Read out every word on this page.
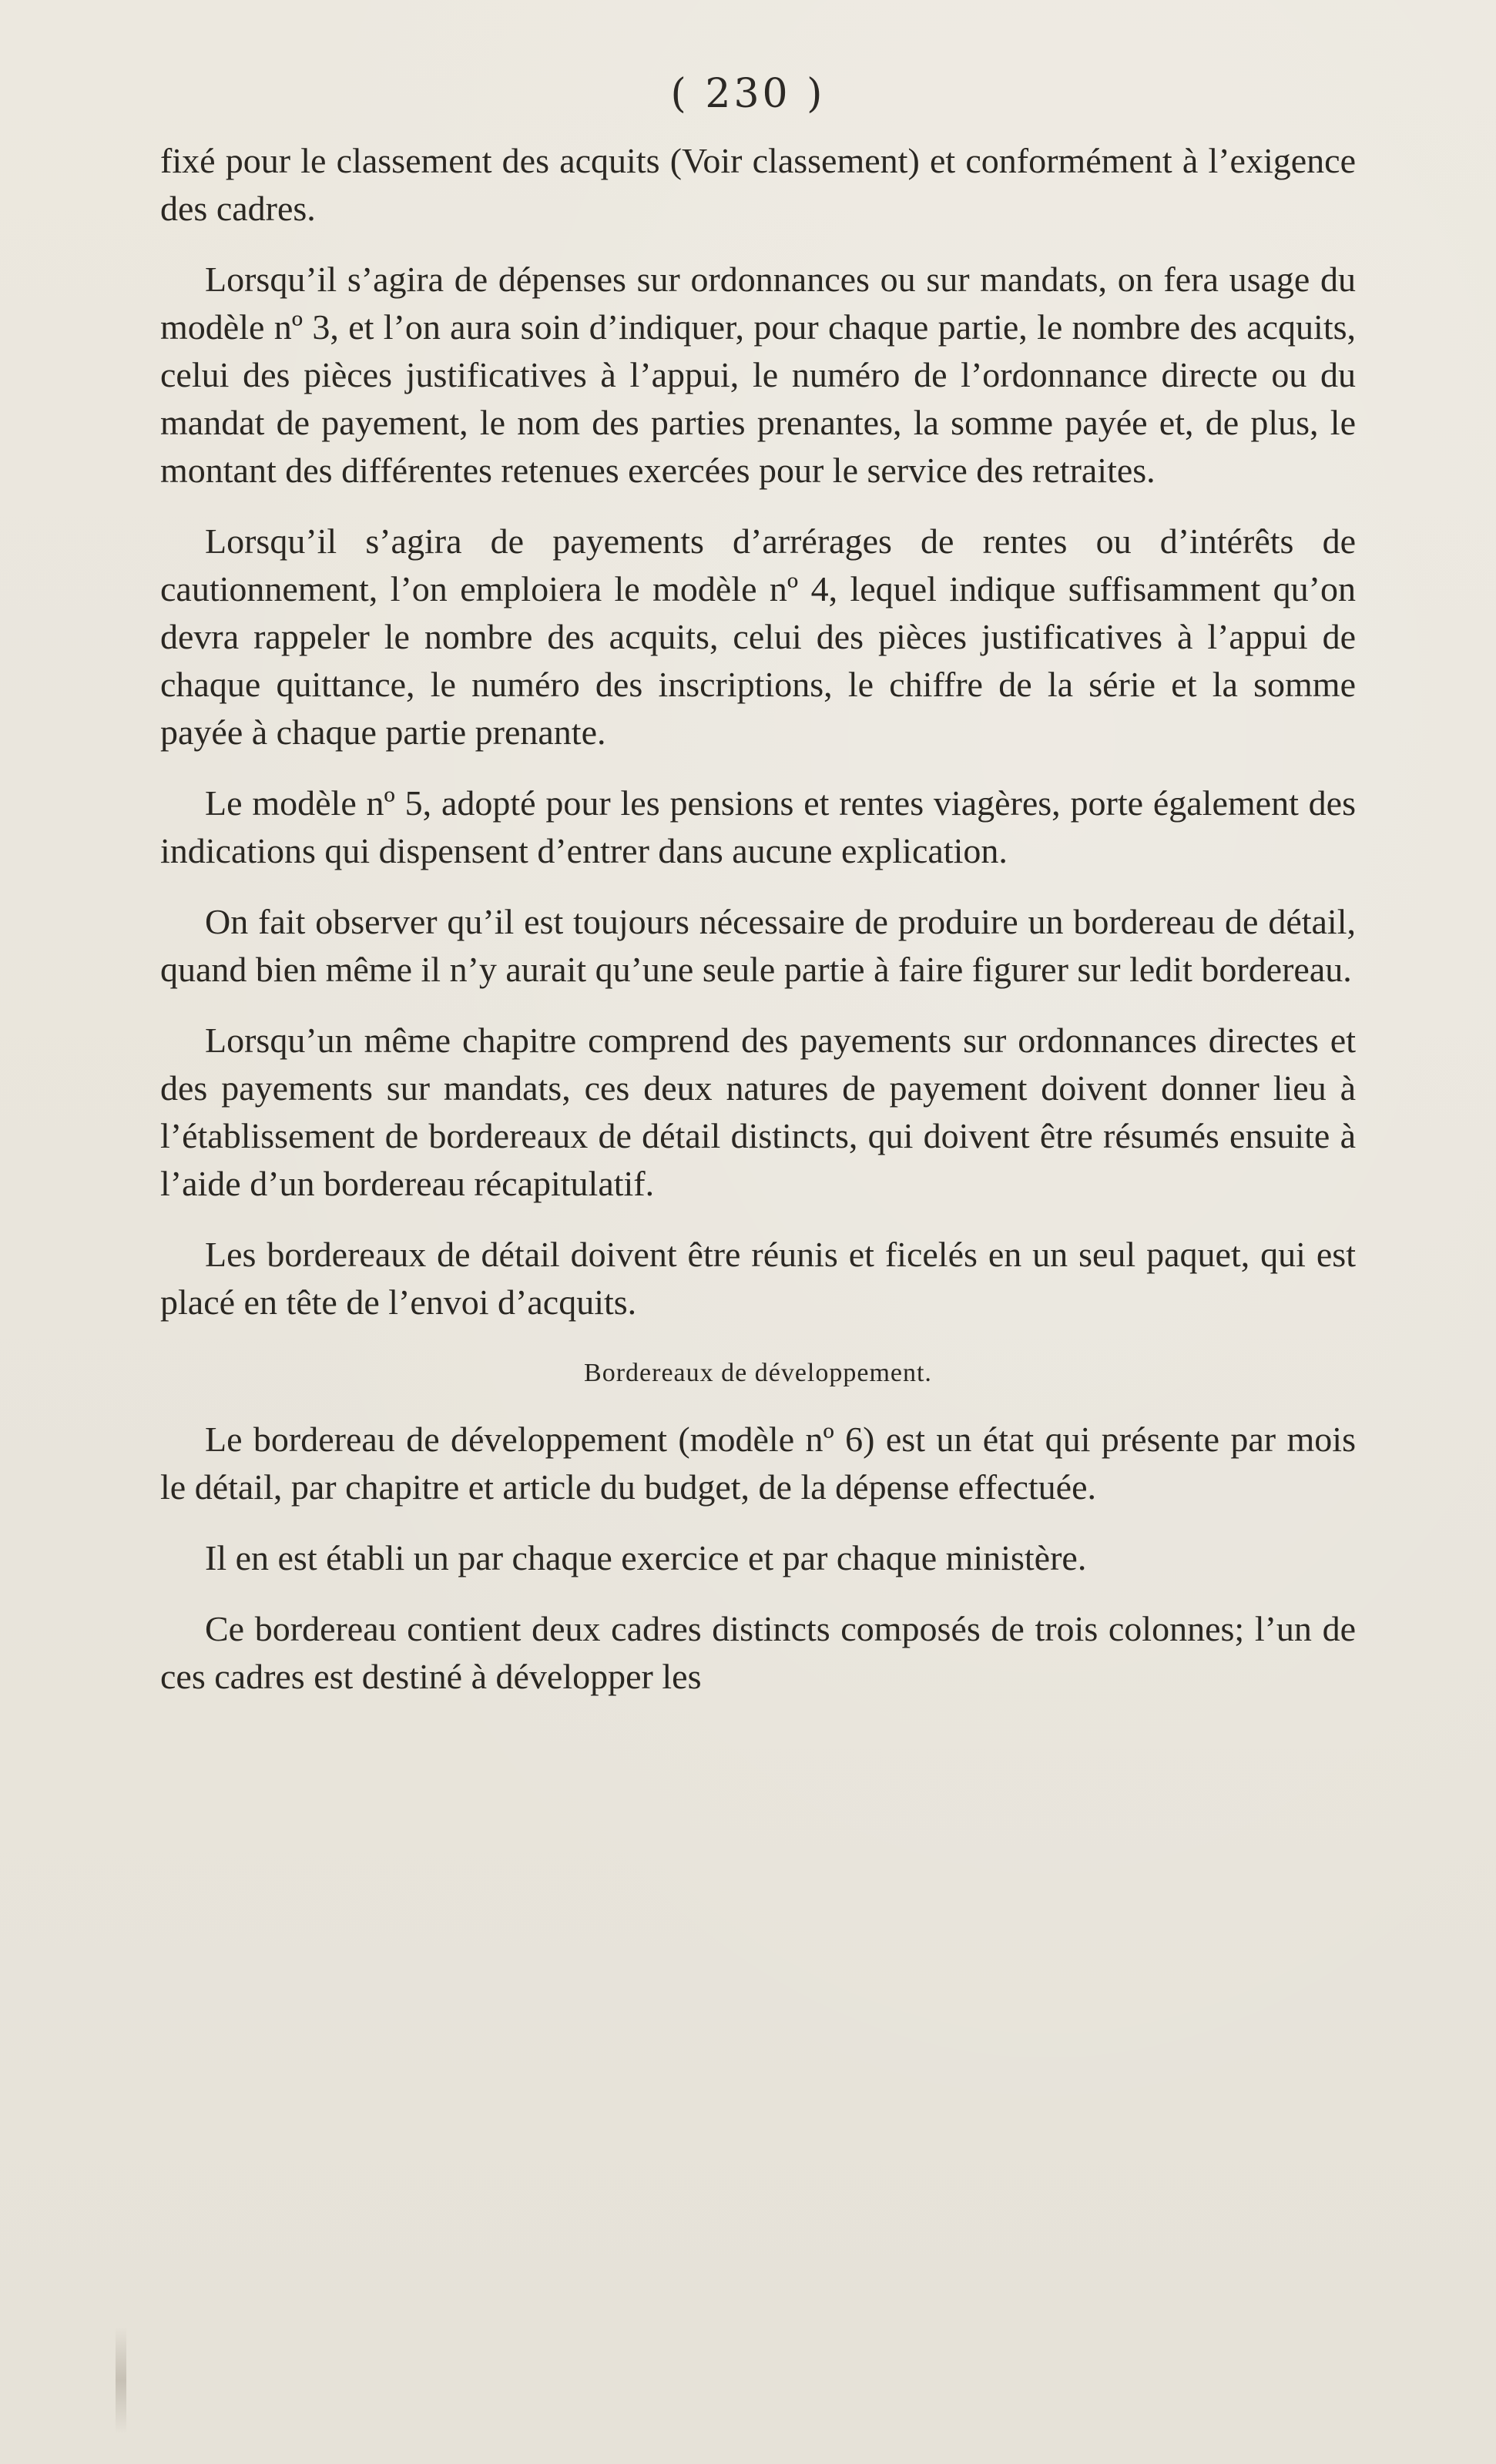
( 230 )

fixé pour le classement des acquits (Voir classement) et conformément à l’exigence des cadres.

Lorsqu’il s’agira de dépenses sur ordonnances ou sur mandats, on fera usage du modèle nº 3, et l’on aura soin d’indiquer, pour chaque partie, le nombre des acquits, celui des pièces justificatives à l’appui, le numéro de l’ordonnance directe ou du mandat de payement, le nom des parties prenantes, la somme payée et, de plus, le montant des différentes retenues exercées pour le service des retraites.

Lorsqu’il s’agira de payements d’arrérages de rentes ou d’intérêts de cautionnement, l’on emploiera le modèle nº 4, lequel indique suffisamment qu’on devra rappeler le nombre des acquits, celui des pièces justificatives à l’appui de chaque quittance, le numéro des inscriptions, le chiffre de la série et la somme payée à chaque partie prenante.

Le modèle nº 5, adopté pour les pensions et rentes viagères, porte également des indications qui dispensent d’entrer dans aucune explication.

On fait observer qu’il est toujours nécessaire de produire un bordereau de détail, quand bien même il n’y aurait qu’une seule partie à faire figurer sur ledit bordereau.

Lorsqu’un même chapitre comprend des payements sur ordonnances directes et des payements sur mandats, ces deux natures de payement doivent donner lieu à l’établissement de bordereaux de détail distincts, qui doivent être résumés ensuite à l’aide d’un bordereau récapitulatif.

Les bordereaux de détail doivent être réunis et ficelés en un seul paquet, qui est placé en tête de l’envoi d’acquits.

Bordereaux de développement.

Le bordereau de développement (modèle nº 6) est un état qui présente par mois le détail, par chapitre et article du budget, de la dépense effectuée.

Il en est établi un par chaque exercice et par chaque ministère.

Ce bordereau contient deux cadres distincts composés de trois colonnes; l’un de ces cadres est destiné à développer les
